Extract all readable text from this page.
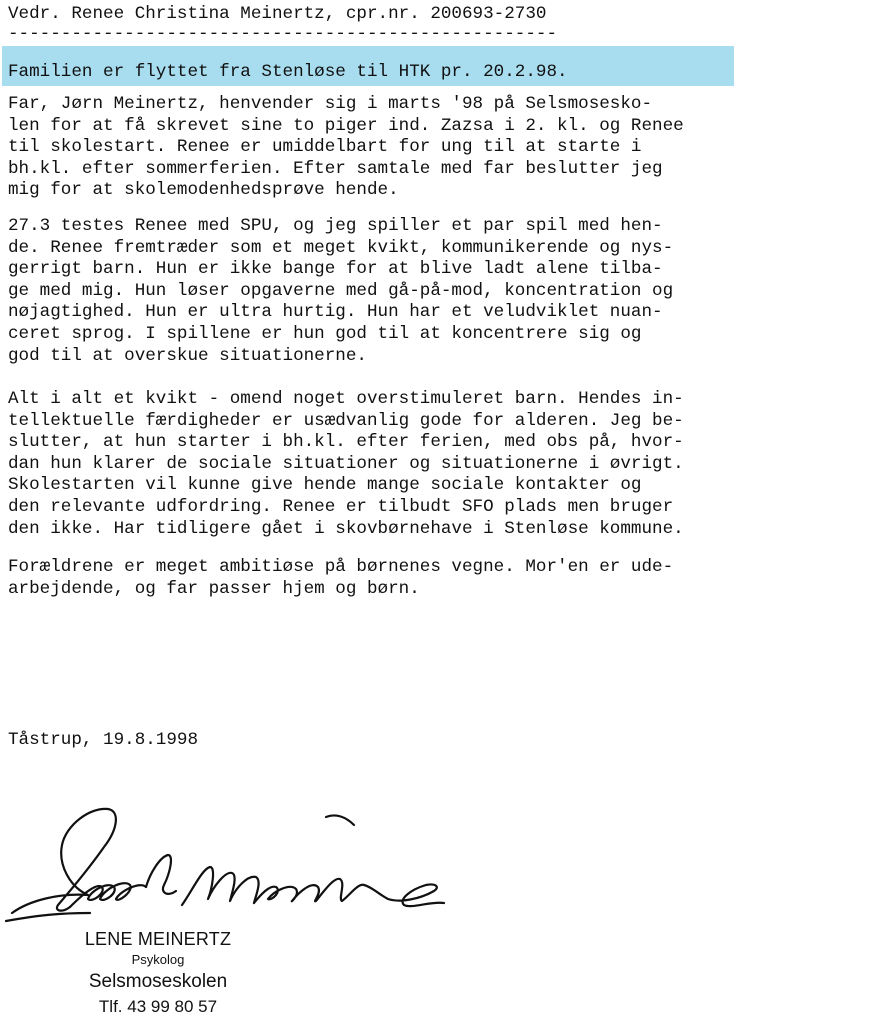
Vedr. Renee Christina Meinertz, cpr.nr. 200693-2730
----------------------------------------------------
Familien er flyttet fra Stenløse til HTK pr. 20.2.98.
Far, Jørn Meinertz, henvender sig i marts '98 på Selsmosesko-
len for at få skrevet sine to piger ind. Zazsa i 2. kl. og Renee
til skolestart. Renee er umiddelbart for ung til at starte i
bh.kl. efter sommerferien. Efter samtale med far beslutter jeg
mig for at skolemodenhedsprøve hende.
27.3 testes Renee med SPU, og jeg spiller et par spil med hen-
de. Renee fremtræder som et meget kvikt, kommunikerende og nys-
gerrigt barn. Hun er ikke bange for at blive ladt alene tilba-
ge med mig. Hun løser opgaverne med gå-på-mod, koncentration og
nøjagtighed. Hun er ultra hurtig. Hun har et veludviklet nuan-
ceret sprog. I spillene er hun god til at koncentrere sig og
god til at overskue situationerne.
Alt i alt et kvikt - omend noget overstimuleret barn. Hendes in-
tellektuelle færdigheder er usædvanlig gode for alderen. Jeg be-
slutter, at hun starter i bh.kl. efter ferien, med obs på, hvor-
dan hun klarer de sociale situationer og situationerne i øvrigt.
Skolestarten vil kunne give hende mange sociale kontakter og
den relevante udfordring. Renee er tilbudt SFO plads men bruger
den ikke. Har tidligere gået i skovbørnehave i Stenløse kommune.
Forældrene er meget ambitiøse på børnenes vegne. Mor'en er ude-
arbejdende, og far passer hjem og børn.
Tåstrup, 19.8.1998
LENE MEINERTZ
Psykolog
Selsmoseskolen
Tlf. 43 99 80 57
